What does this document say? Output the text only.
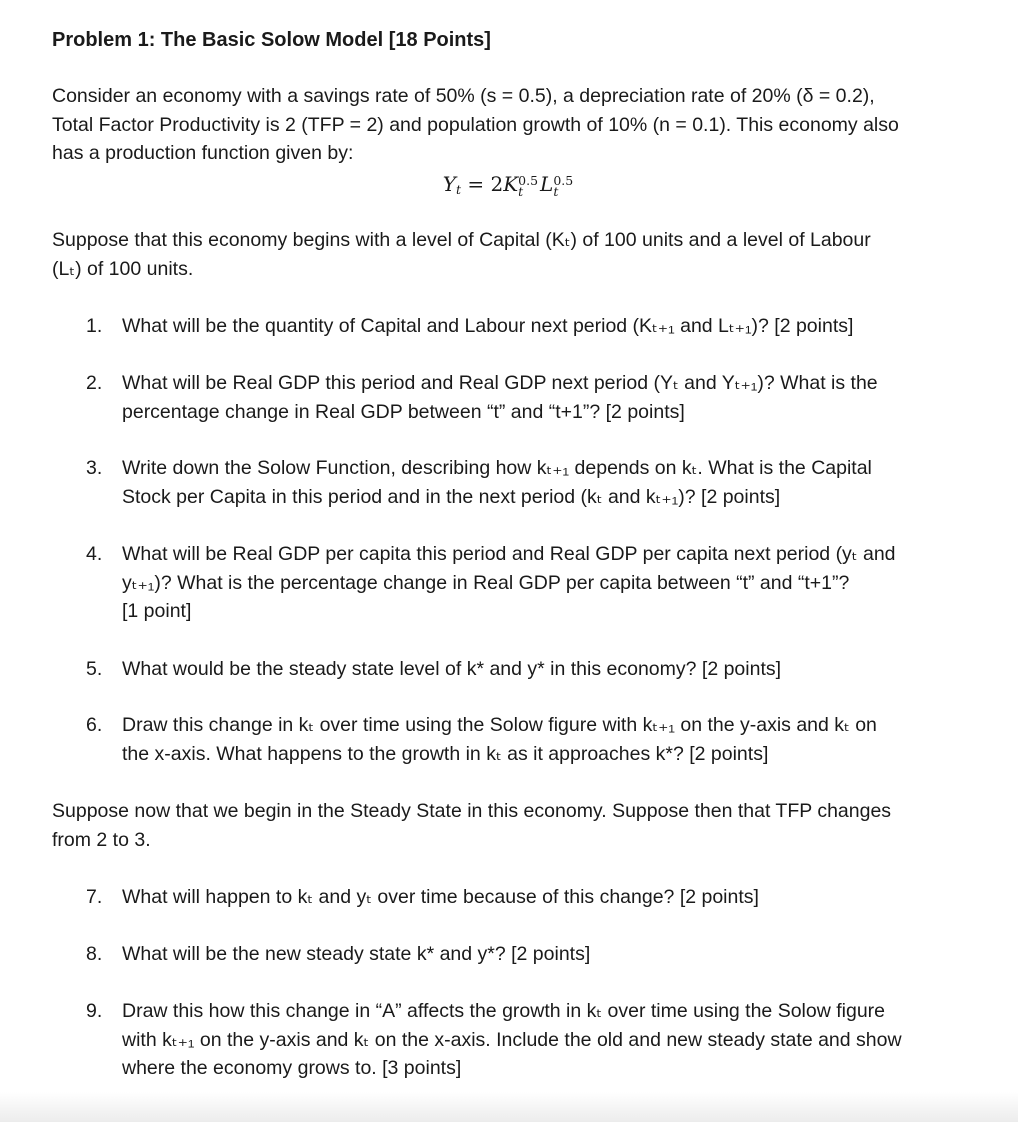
Problem 1: The Basic Solow Model [18 Points]
Consider an economy with a savings rate of 50% (s = 0.5), a depreciation rate of 20% (δ = 0.2),
Total Factor Productivity is 2 (TFP = 2) and population growth of 10% (n = 0.1). This economy also
has a production function given by:
$Y_t = 2K$ 0.5
t L 0.5
t
Suppose that this economy begins with a level of Capital (Kₜ) of 100 units and a level of Labour
(Lₜ) of 100 units.
1.	What will be the quantity of Capital and Labour next period (Kₜ₊₁ and Lₜ₊₁)? [2 points]
2.	What will be Real GDP this period and Real GDP next period (Yₜ and Yₜ₊₁)? What is the
percentage change in Real GDP between “t” and “t+1”? [2 points]
3.	Write down the Solow Function, describing how kₜ₊₁ depends on kₜ. What is the Capital
Stock per Capita in this period and in the next period (kₜ and kₜ₊₁)? [2 points]
4.	What will be Real GDP per capita this period and Real GDP per capita next period (yₜ and
yₜ₊₁)? What is the percentage change in Real GDP per capita between “t” and “t+1”?
[1 point]
5.	What would be the steady state level of k* and y* in this economy? [2 points]
6.	Draw this change in kₜ over time using the Solow figure with kₜ₊₁ on the y-axis and kₜ on
the x-axis. What happens to the growth in kₜ as it approaches k*? [2 points]
Suppose now that we begin in the Steady State in this economy. Suppose then that TFP changes
from 2 to 3.
7.	What will happen to kₜ and yₜ over time because of this change? [2 points]
8.	What will be the new steady state k* and y*? [2 points]
9.	Draw this how this change in “A” affects the growth in kₜ over time using the Solow figure
with kₜ₊₁ on the y-axis and kₜ on the x-axis. Include the old and new steady state and show
where the economy grows to. [3 points]
